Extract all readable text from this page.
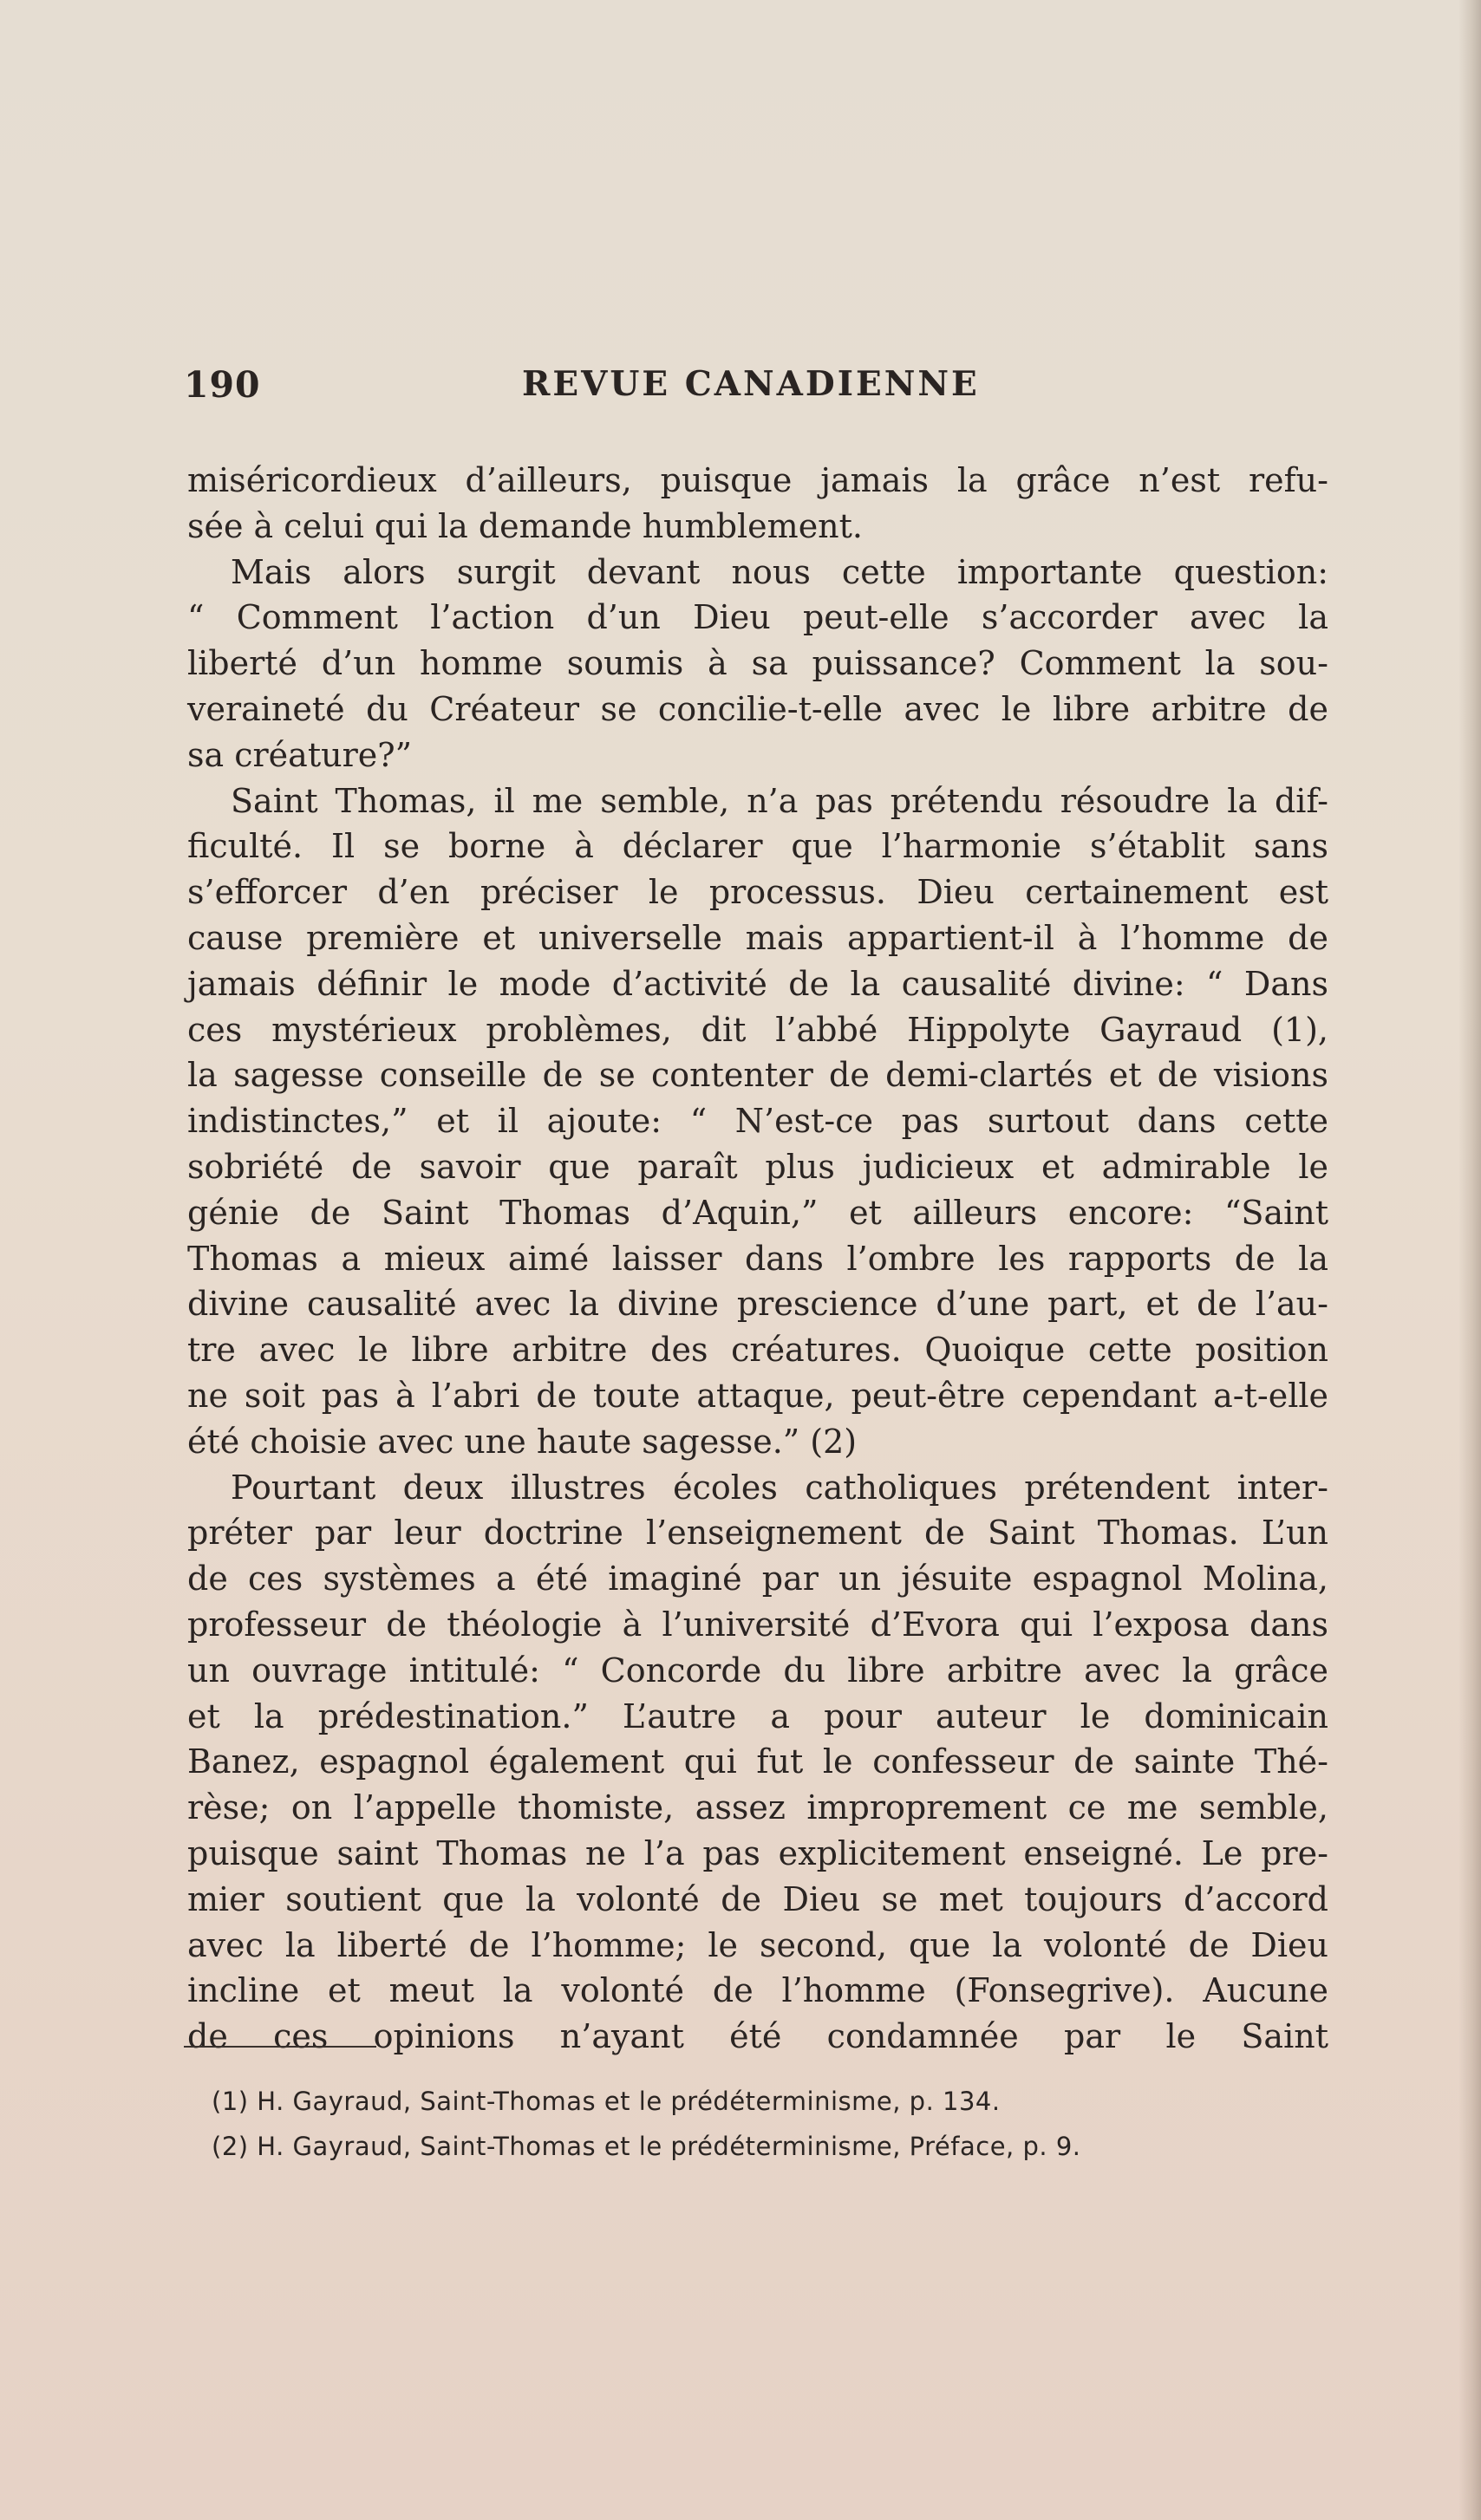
190	REVUE CANADIENNE
miséricordieux d’ailleurs, puisque jamais la grâce n’est refu-
sée à celui qui la demande humblement.
Mais alors surgit devant nous cette importante question:
“ Comment l’action d’un Dieu peut-elle s’accorder avec la
liberté d’un homme soumis à sa puissance? Comment la sou-
veraineté du Créateur se concilie-t-elle avec le libre arbitre de
sa créature?”
Saint Thomas, il me semble, n’a pas prétendu résoudre la dif-
ficulté. Il se borne à déclarer que l’harmonie s’établit sans
s’efforcer d’en préciser le processus. Dieu certainement est
cause première et universelle mais appartient-il à l’homme de
jamais définir le mode d’activité de la causalité divine: “ Dans
ces mystérieux problèmes, dit l’abbé Hippolyte Gayraud (1),
la sagesse conseille de se contenter de demi-clartés et de visions
indistinctes,” et il ajoute: “ N’est-ce pas surtout dans cette
sobriété de savoir que paraît plus judicieux et admirable le
génie de Saint Thomas d’Aquin,” et ailleurs encore: “Saint
Thomas a mieux aimé laisser dans l’ombre les rapports de la
divine causalité avec la divine prescience d’une part, et de l’au-
tre avec le libre arbitre des créatures. Quoique cette position
ne soit pas à l’abri de toute attaque, peut-être cependant a-t-elle
été choisie avec une haute sagesse.” (2)
Pourtant deux illustres écoles catholiques prétendent inter-
préter par leur doctrine l’enseignement de Saint Thomas. L’un
de ces systèmes a été imaginé par un jésuite espagnol Molina,
professeur de théologie à l’université d’Evora qui l’exposa dans
un ouvrage intitulé: “ Concorde du libre arbitre avec la grâce
et la prédestination.” L’autre a pour auteur le dominicain
Banez, espagnol également qui fut le confesseur de sainte Thé-
rèse; on l’appelle thomiste, assez improprement ce me semble,
puisque saint Thomas ne l’a pas explicitement enseigné. Le pre-
mier soutient que la volonté de Dieu se met toujours d’accord
avec la liberté de l’homme; le second, que la volonté de Dieu
incline et meut la volonté de l’homme (Fonsegrive). Aucune
de ces opinions n’ayant été condamnée par le Saint
(1) H. Gayraud, Saint-Thomas et le prédéterminisme, p. 134.
(2) H. Gayraud, Saint-Thomas et le prédéterminisme, Préface, p. 9.
